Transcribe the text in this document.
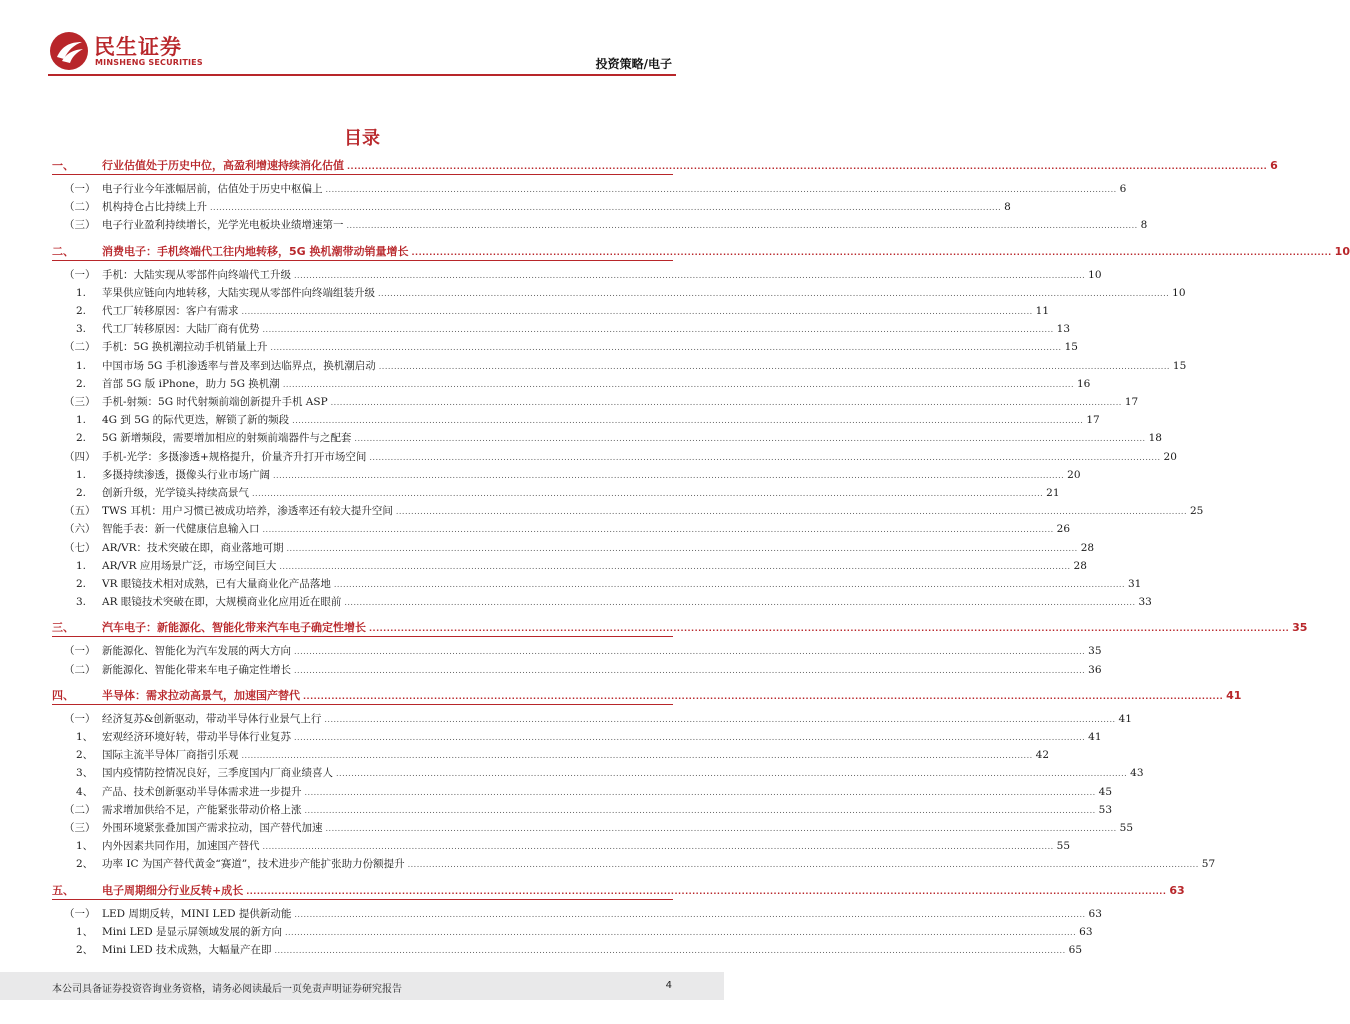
民生证券
MINSHENG SECURITIES	投资策略/电子
目录
一、	行业估值处于历史中位，高盈利增速持续消化估值 .................................................................................................................................................................................................................................................................... 6
（一） 电子行业今年涨幅居前，估值处于历史中枢偏上 .................................................................................................................................................................................................................................................................... 6
（二） 机构持仓占比持续上升 .................................................................................................................................................................................................................................................................... 8
（三） 电子行业盈利持续增长，光学光电板块业绩增速第一 .................................................................................................................................................................................................................................................................... 8
二、	消费电子：手机终端代工往内地转移，5G 换机潮带动销量增长 .................................................................................................................................................................................................................................................................... 10
（一） 手机：大陆实现从零部件向终端代工升级 .................................................................................................................................................................................................................................................................... 10
1.	苹果供应链向内地转移，大陆实现从零部件向终端组装升级 .................................................................................................................................................................................................................................................................... 10
2.	代工厂转移原因：客户有需求 .................................................................................................................................................................................................................................................................... 11
3.	代工厂转移原因：大陆厂商有优势 .................................................................................................................................................................................................................................................................... 13
（二） 手机：5G 换机潮拉动手机销量上升 .................................................................................................................................................................................................................................................................... 15
1.	中国市场 5G 手机渗透率与普及率到达临界点，换机潮启动 .................................................................................................................................................................................................................................................................... 15
2.	首部 5G 版 iPhone，助力 5G 换机潮 .................................................................................................................................................................................................................................................................... 16
（三） 手机-射频：5G 时代射频前端创新提升手机 ASP .................................................................................................................................................................................................................................................................... 17
1.	4G 到 5G 的际代更迭，解锁了新的频段 .................................................................................................................................................................................................................................................................... 17
2.	5G 新增频段，需要增加相应的射频前端器件与之配套 .................................................................................................................................................................................................................................................................... 18
（四） 手机-光学：多摄渗透+规格提升，价量齐升打开市场空间 .................................................................................................................................................................................................................................................................... 20
1.	多摄持续渗透，摄像头行业市场广阔 .................................................................................................................................................................................................................................................................... 20
2.	创新升级，光学镜头持续高景气 .................................................................................................................................................................................................................................................................... 21
（五） TWS 耳机：用户习惯已被成功培养，渗透率还有较大提升空间 .................................................................................................................................................................................................................................................................... 25
（六） 智能手表：新一代健康信息输入口 .................................................................................................................................................................................................................................................................... 26
（七） AR/VR：技术突破在即，商业落地可期 .................................................................................................................................................................................................................................................................... 28
1.	AR/VR 应用场景广泛，市场空间巨大 .................................................................................................................................................................................................................................................................... 28
2.	VR 眼镜技术相对成熟，已有大量商业化产品落地 .................................................................................................................................................................................................................................................................... 31
3.	AR 眼镜技术突破在即，大规模商业化应用近在眼前 .................................................................................................................................................................................................................................................................... 33
三、	汽车电子：新能源化、智能化带来汽车电子确定性增长 .................................................................................................................................................................................................................................................................... 35
（一） 新能源化、智能化为汽车发展的两大方向 .................................................................................................................................................................................................................................................................... 35
（二） 新能源化、智能化带来车电子确定性增长 .................................................................................................................................................................................................................................................................... 36
四、	半导体：需求拉动高景气，加速国产替代 .................................................................................................................................................................................................................................................................... 41
（一） 经济复苏&创新驱动，带动半导体行业景气上行 .................................................................................................................................................................................................................................................................... 41
1、 宏观经济环境好转，带动半导体行业复苏 .................................................................................................................................................................................................................................................................... 41
2、 国际主流半导体厂商指引乐观 .................................................................................................................................................................................................................................................................... 42
3、 国内疫情防控情况良好，三季度国内厂商业绩喜人 .................................................................................................................................................................................................................................................................... 43
4、 产品、技术创新驱动半导体需求进一步提升 .................................................................................................................................................................................................................................................................... 45
（二） 需求增加供给不足，产能紧张带动价格上涨 .................................................................................................................................................................................................................................................................... 53
（三） 外围环境紧张叠加国产需求拉动，国产替代加速 .................................................................................................................................................................................................................................................................... 55
1、 内外因素共同作用，加速国产替代 .................................................................................................................................................................................................................................................................... 55
2、 功率 IC 为国产替代黄金“赛道”，技术进步产能扩张助力份额提升 .................................................................................................................................................................................................................................................................... 57
五、	电子周期细分行业反转+成长 .................................................................................................................................................................................................................................................................... 63
（一） LED 周期反转，MINI LED 提供新动能 .................................................................................................................................................................................................................................................................... 63
1、 Mini LED 是显示屏领域发展的新方向 .................................................................................................................................................................................................................................................................... 63
2、 Mini LED 技术成熟，大幅量产在即 .................................................................................................................................................................................................................................................................... 65
本公司具备证券投资咨询业务资格，请务必阅读最后一页免责声明证券研究报告	4
